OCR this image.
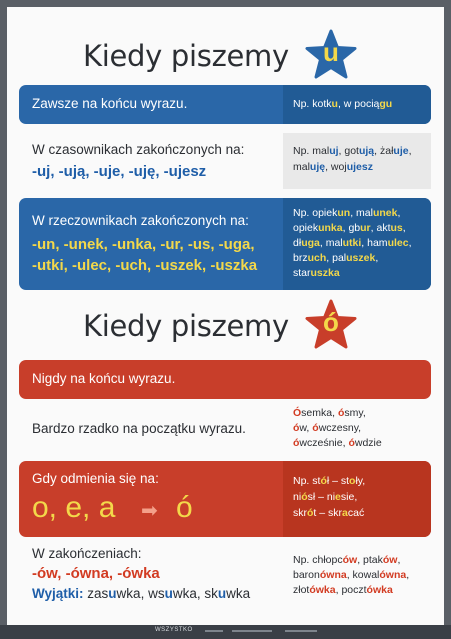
Kiedy piszemy	u
Zawsze na końcu wyrazu.	Np. kotku, w pociągu
W czasownikach zakończonych na:
-uj, -ują, -uje, -uję, -ujesz
Np. maluj, gotują, żałuje,
maluję, wojujesz
W rzeczownikach zakończonych na:
-un, -unek, -unka, -ur, -us, -uga,
-utki, -ulec, -uch, -uszek, -uszka
Np. opiekun, malunek,
opiekunka, gbur, aktus,
długa, malutki, hamulec,
brzuch, paluszek,
staruszka
Kiedy piszemy	ó
Nigdy na końcu wyrazu.
Bardzo rzadko na początku wyrazu.
Ósemka, ósmy,
ów, ówczesny,
ówcześnie, ówdzie
Gdy odmienia się na:
o, e, a ➡ ó
Np. stół – stoły,
niósł – niesie,
skrót – skracać
W zakończeniach:
-ów, -ówna, -ówka
Wyjątki: zasuwka, wsuwka, skuwka
Np. chłopców, ptaków,
baronówna, kowalówna,
złotówka, pocztówka
WSZYSTKO
